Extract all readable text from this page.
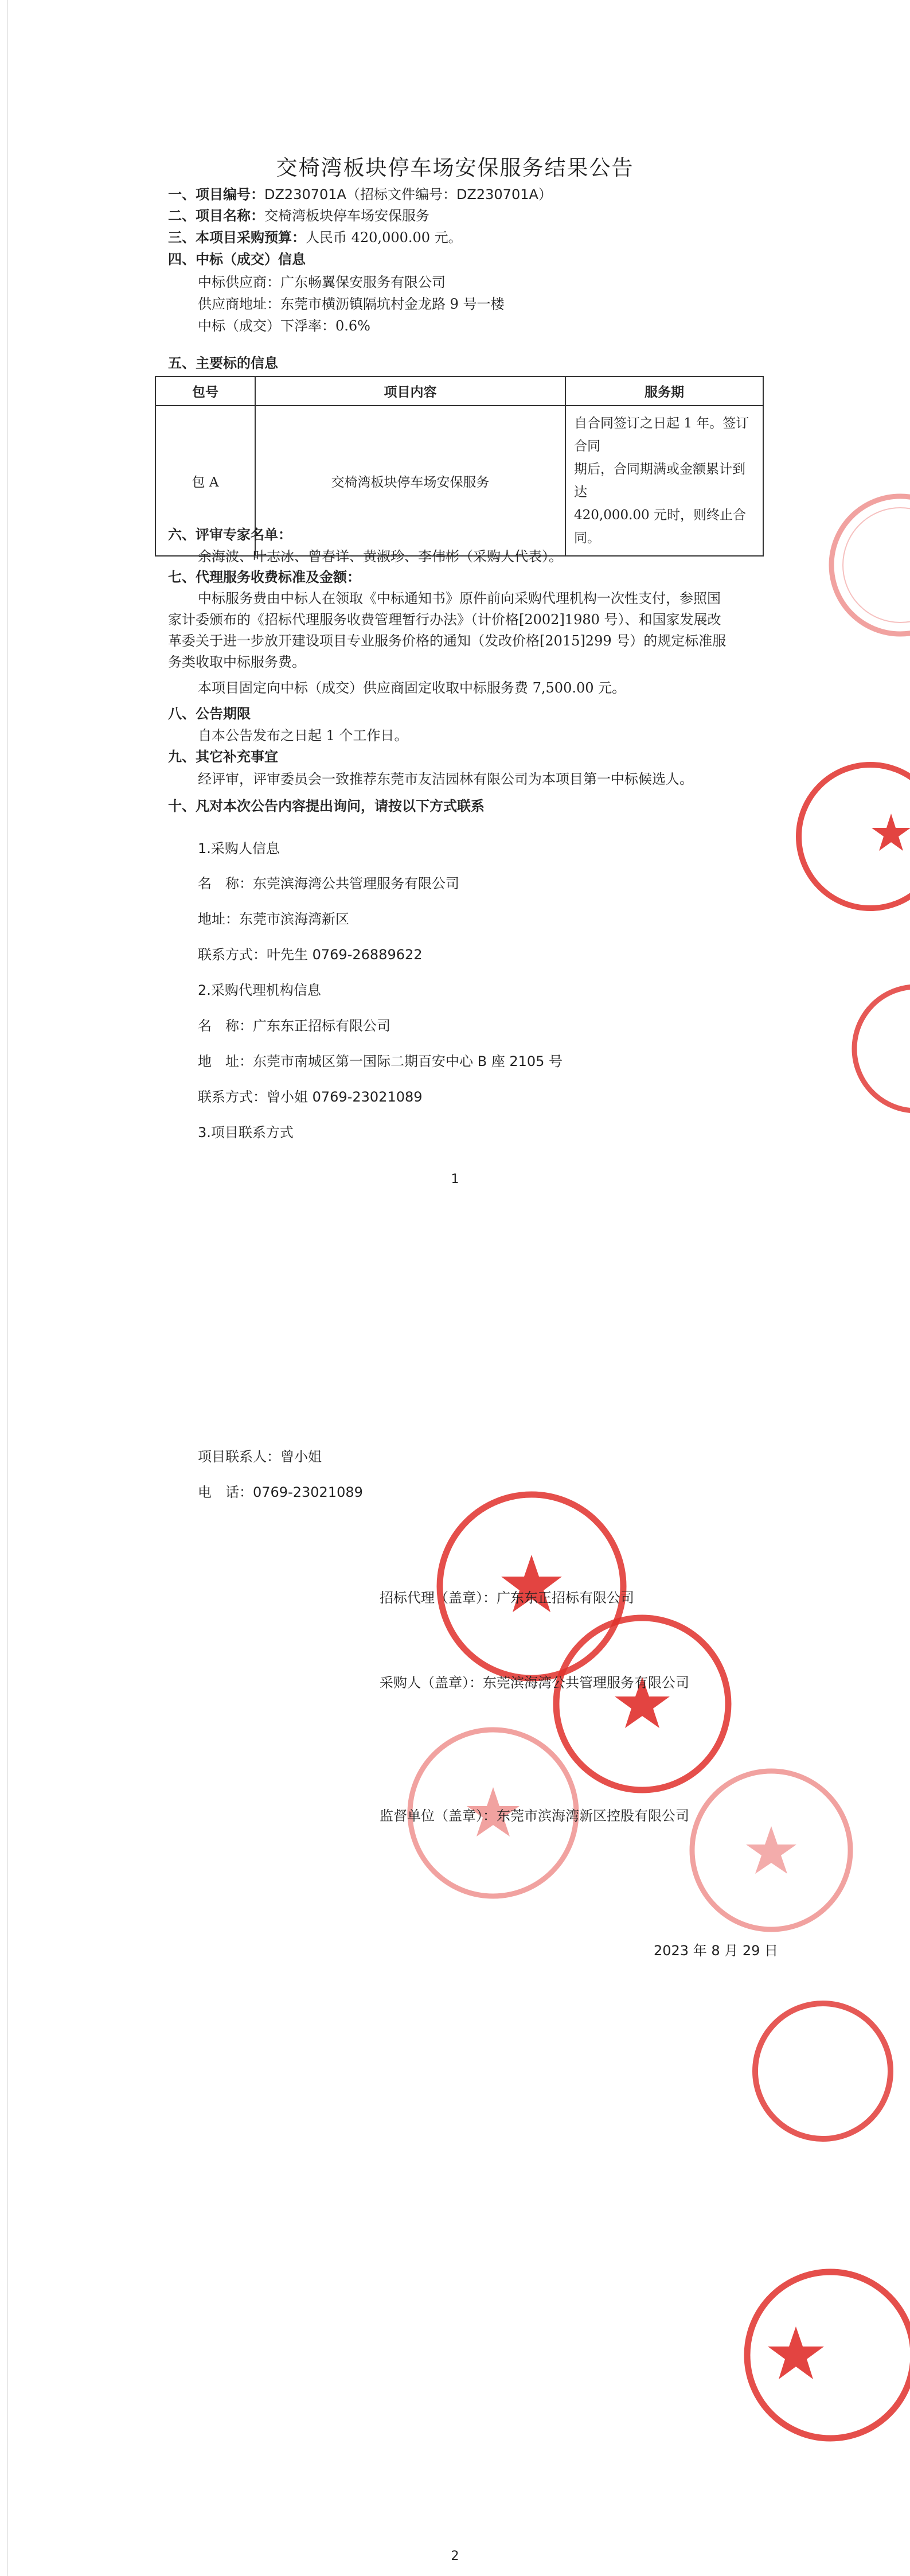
交椅湾板块停车场安保服务结果公告
一、项目编号：DZ230701A（招标文件编号：DZ230701A）
二、项目名称：交椅湾板块停车场安保服务
三、本项目采购预算：人民币 420,000.00 元。
四、中标（成交）信息
中标供应商：广东畅翼保安服务有限公司
供应商地址：东莞市横沥镇隔坑村金龙路 9 号一楼
中标（成交）下浮率：0.6%
五、主要标的信息
包号	项目内容	服务期
包 A	交椅湾板块停车场安保服务	自合同签订之日起 1 年。签订合同
期后，合同期满或金额累计到达
420,000.00 元时，则终止合同。
六、评审专家名单：
余海波、叶志冰、曾春详、黄淑珍、李伟彬（采购人代表）。
七、代理服务收费标准及金额：
中标服务费由中标人在领取《中标通知书》原件前向采购代理机构一次性支付，参照国
家计委颁布的《招标代理服务收费管理暂行办法》（计价格[2002]1980 号）、和国家发展改
革委关于进一步放开建设项目专业服务价格的通知（发改价格[2015]299 号）的规定标准服
务类收取中标服务费。
本项目固定向中标（成交）供应商固定收取中标服务费 7,500.00 元。
八、公告期限
自本公告发布之日起 1 个工作日。
九、其它补充事宜
经评审，评审委员会一致推荐东莞市友洁园林有限公司为本项目第一中标候选人。
十、凡对本次公告内容提出询问，请按以下方式联系
1.采购人信息
名　称：东莞滨海湾公共管理服务有限公司
地址：东莞市滨海湾新区
联系方式：叶先生 0769-26889622
2.采购代理机构信息
名　称：广东东正招标有限公司
地　址：东莞市南城区第一国际二期百安中心 B 座 2105 号
联系方式：曾小姐 0769-23021089
3.项目联系方式
1
项目联系人：曾小姐
电　话：0769-23021089
招标代理（盖章）：广东东正招标有限公司
采购人（盖章）：东莞滨海湾公共管理服务有限公司
监督单位（盖章）：东莞市滨海湾新区控股有限公司
2023 年 8 月 29 日
2
